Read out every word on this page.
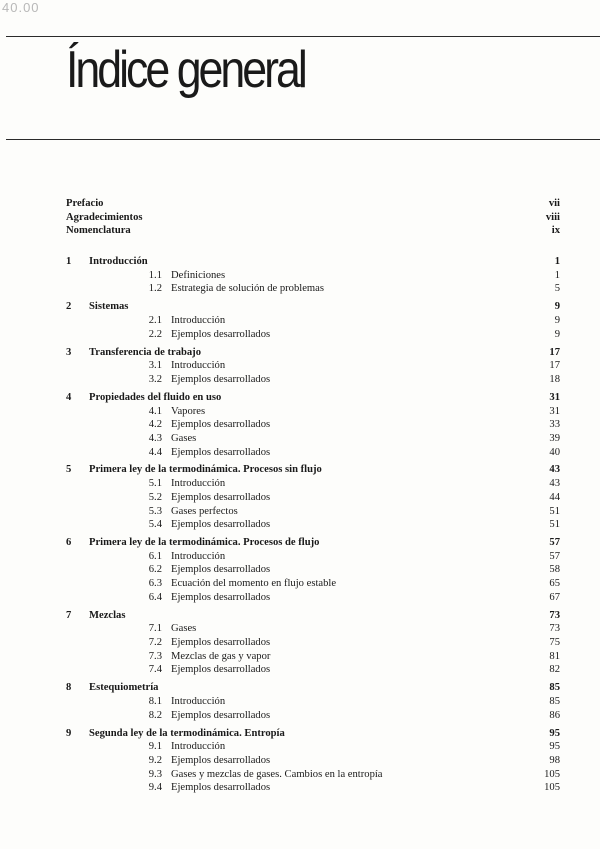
40.00
Índice general
Prefacio	vii
Agradecimientos	viii
Nomenclatura	ix
1	Introducción	1
1.1 Definiciones	1
1.2 Estrategia de solución de problemas	5
2	Sistemas	9
2.1 Introducción	9
2.2 Ejemplos desarrollados	9
3	Transferencia de trabajo	17
3.1 Introducción	17
3.2 Ejemplos desarrollados	18
4	Propiedades del fluido en uso	31
4.1 Vapores	31
4.2 Ejemplos desarrollados	33
4.3 Gases	39
4.4 Ejemplos desarrollados	40
5	Primera ley de la termodinámica. Procesos sin flujo	43
5.1 Introducción	43
5.2 Ejemplos desarrollados	44
5.3 Gases perfectos	51
5.4 Ejemplos desarrollados	51
6	Primera ley de la termodinámica. Procesos de flujo	57
6.1 Introducción	57
6.2 Ejemplos desarrollados	58
6.3 Ecuación del momento en flujo estable	65
6.4 Ejemplos desarrollados	67
7	Mezclas	73
7.1 Gases	73
7.2 Ejemplos desarrollados	75
7.3 Mezclas de gas y vapor	81
7.4 Ejemplos desarrollados	82
8	Estequiometría	85
8.1 Introducción	85
8.2 Ejemplos desarrollados	86
9	Segunda ley de la termodinámica. Entropía	95
9.1 Introducción	95
9.2 Ejemplos desarrollados	98
9.3 Gases y mezclas de gases. Cambios en la entropía	105
9.4 Ejemplos desarrollados	105
